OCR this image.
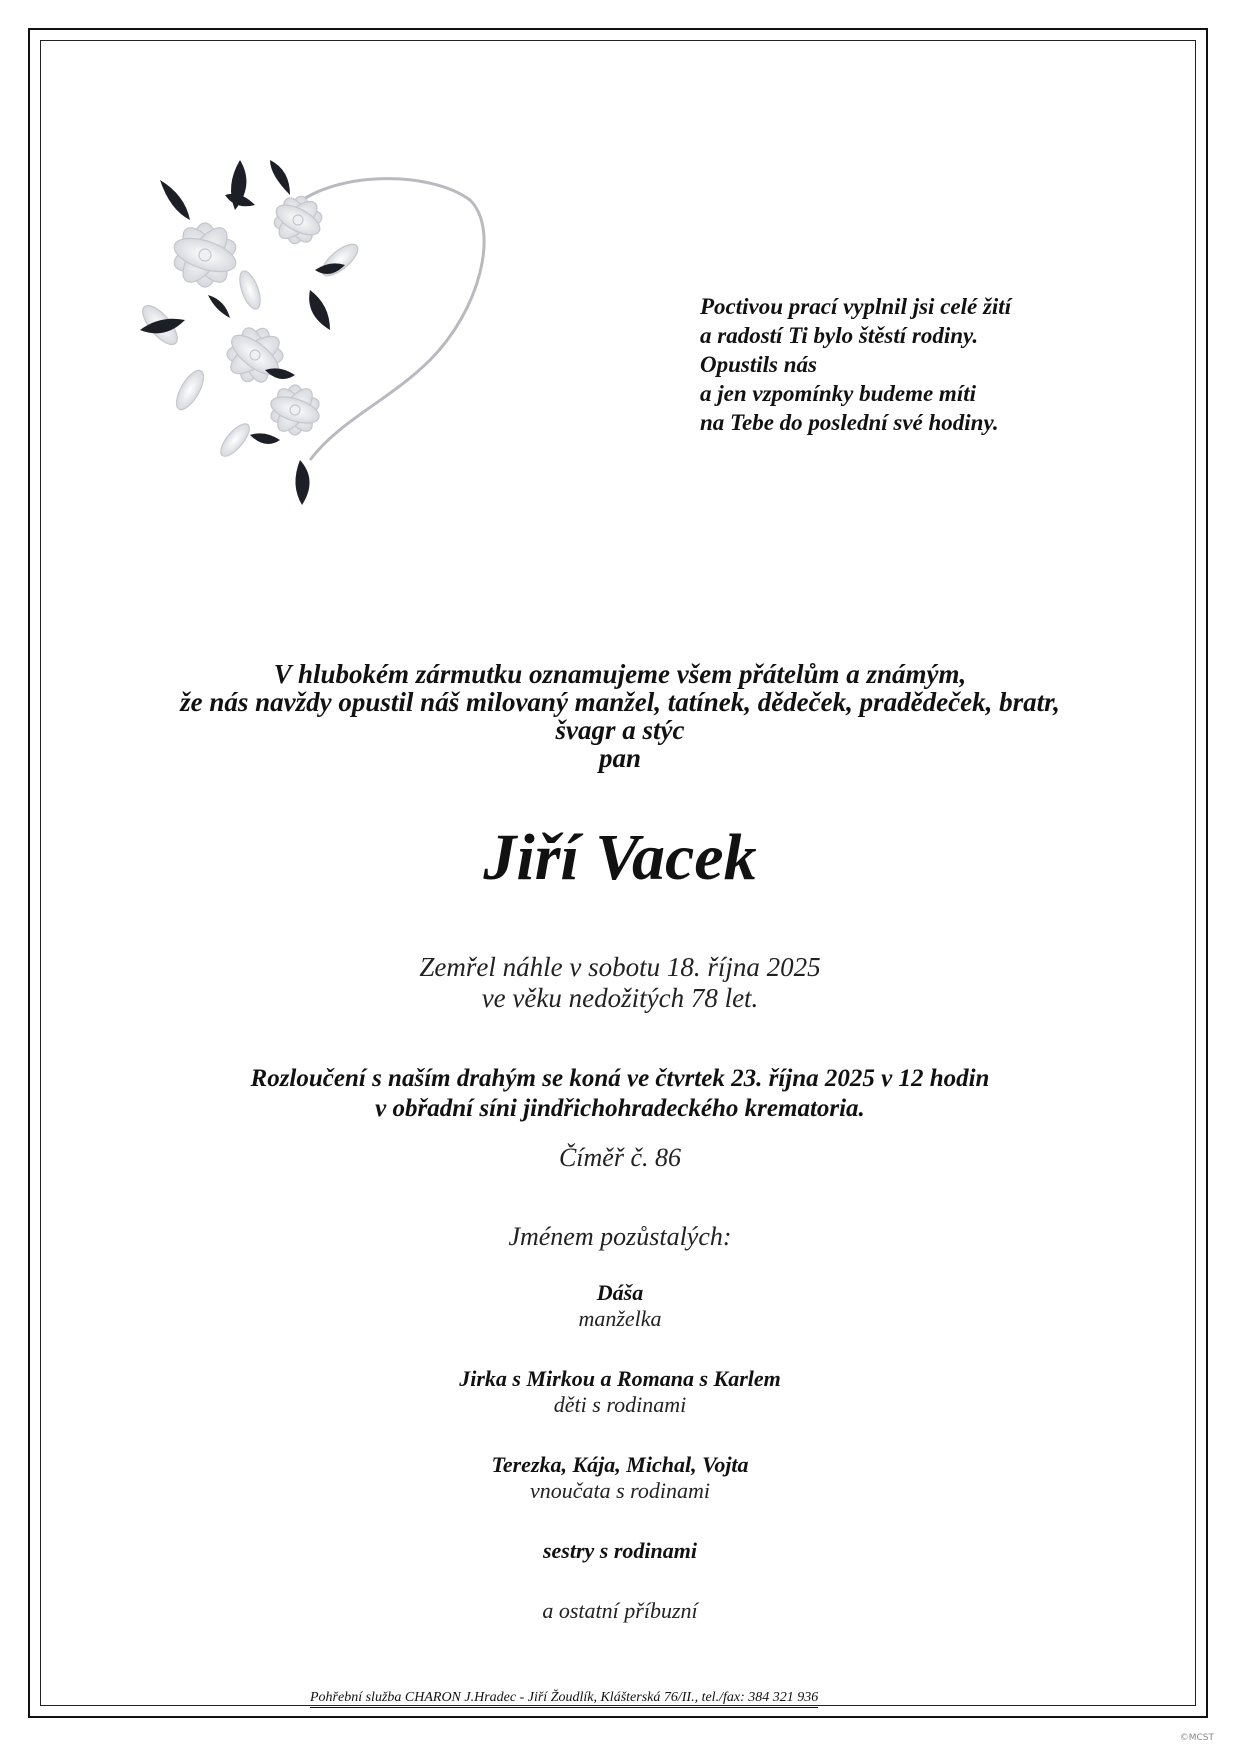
Poctivou prací vyplnil jsi celé žití
a radostí Ti bylo štěstí rodiny.
Opustils nás
a jen vzpomínky budeme míti
na Tebe do poslední své hodiny.
V hlubokém zármutku oznamujeme všem přátelům a známým,
že nás navždy opustil náš milovaný manžel, tatínek, dědeček, pradědeček, bratr,
švagr a stýc
pan
Jiří Vacek
Zemřel náhle v sobotu 18. října 2025
ve věku nedožitých 78 let.
Rozloučení s naším drahým se koná ve čtvrtek 23. října 2025 v 12 hodin
v obřadní síni jindřichohradeckého krematoria.
Číměř č. 86
Jménem pozůstalých:
Dáša
manželka
Jirka s Mirkou a Romana s Karlem
děti s rodinami
Terezka, Kája, Michal, Vojta
vnoučata s rodinami
sestry s rodinami
a ostatní příbuzní
Pohřební služba CHARON J.Hradec - Jiří Žoudlík, Klášterská 76/II., tel./fax: 384 321 936
©MCST
